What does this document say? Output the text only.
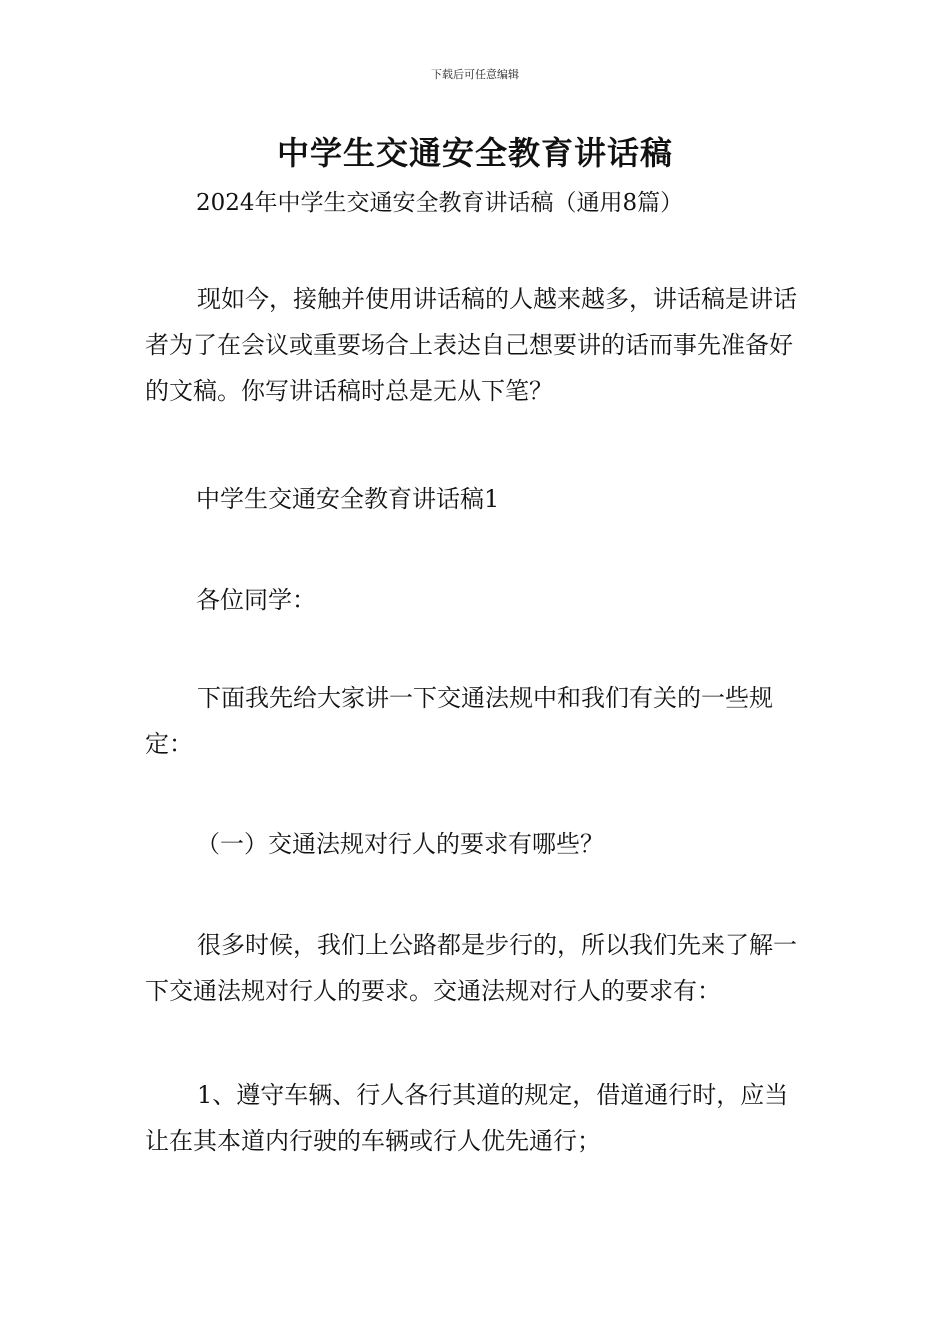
下载后可任意编辑
中学生交通安全教育讲话稿
2024年中学生交通安全教育讲话稿（通用8篇）

现如今，接触并使用讲话稿的人越来越多，讲话稿是讲话者为了在会议或重要场合上表达自己想要讲的话而事先准备好的文稿。你写讲话稿时总是无从下笔？

中学生交通安全教育讲话稿1

各位同学：

下面我先给大家讲一下交通法规中和我们有关的一些规定：

（一）交通法规对行人的要求有哪些？

很多时候，我们上公路都是步行的，所以我们先来了解一下交通法规对行人的要求。交通法规对行人的要求有：

1、遵守车辆、行人各行其道的规定，借道通行时，应当让在其本道内行驶的车辆或行人优先通行；
